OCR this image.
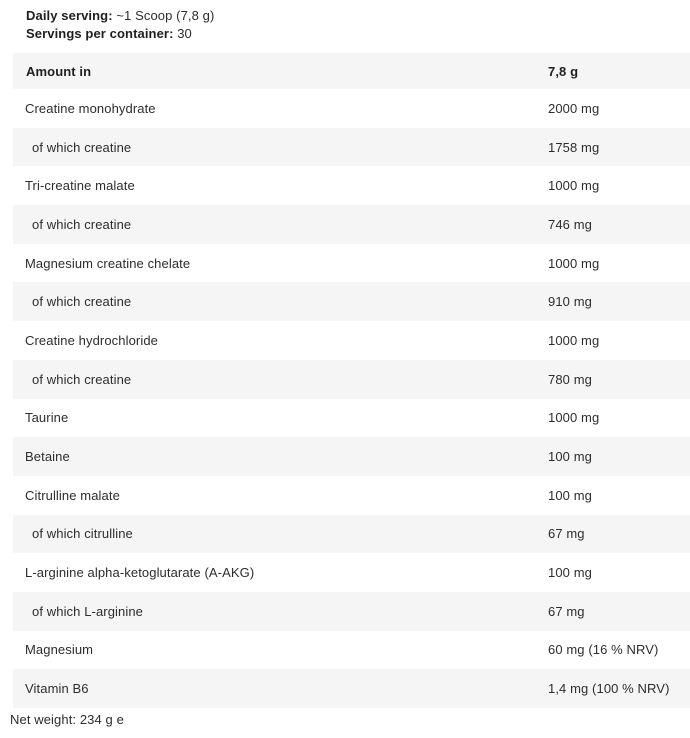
Daily serving: ~1 Scoop (7,8 g)
Servings per container: 30
Amount in	7,8 g
Creatine monohydrate	2000 mg
of which creatine	1758 mg
Tri-creatine malate	1000 mg
of which creatine	746 mg
Magnesium creatine chelate	1000 mg
of which creatine	910 mg
Creatine hydrochloride	1000 mg
of which creatine	780 mg
Taurine	1000 mg
Betaine	100 mg
Citrulline malate	100 mg
of which citrulline	67 mg
L-arginine alpha-ketoglutarate (A-AKG)	100 mg
of which L-arginine	67 mg
Magnesium	60 mg (16 % NRV)
Vitamin B6	1,4 mg (100 % NRV)
Net weight: 234 g e
